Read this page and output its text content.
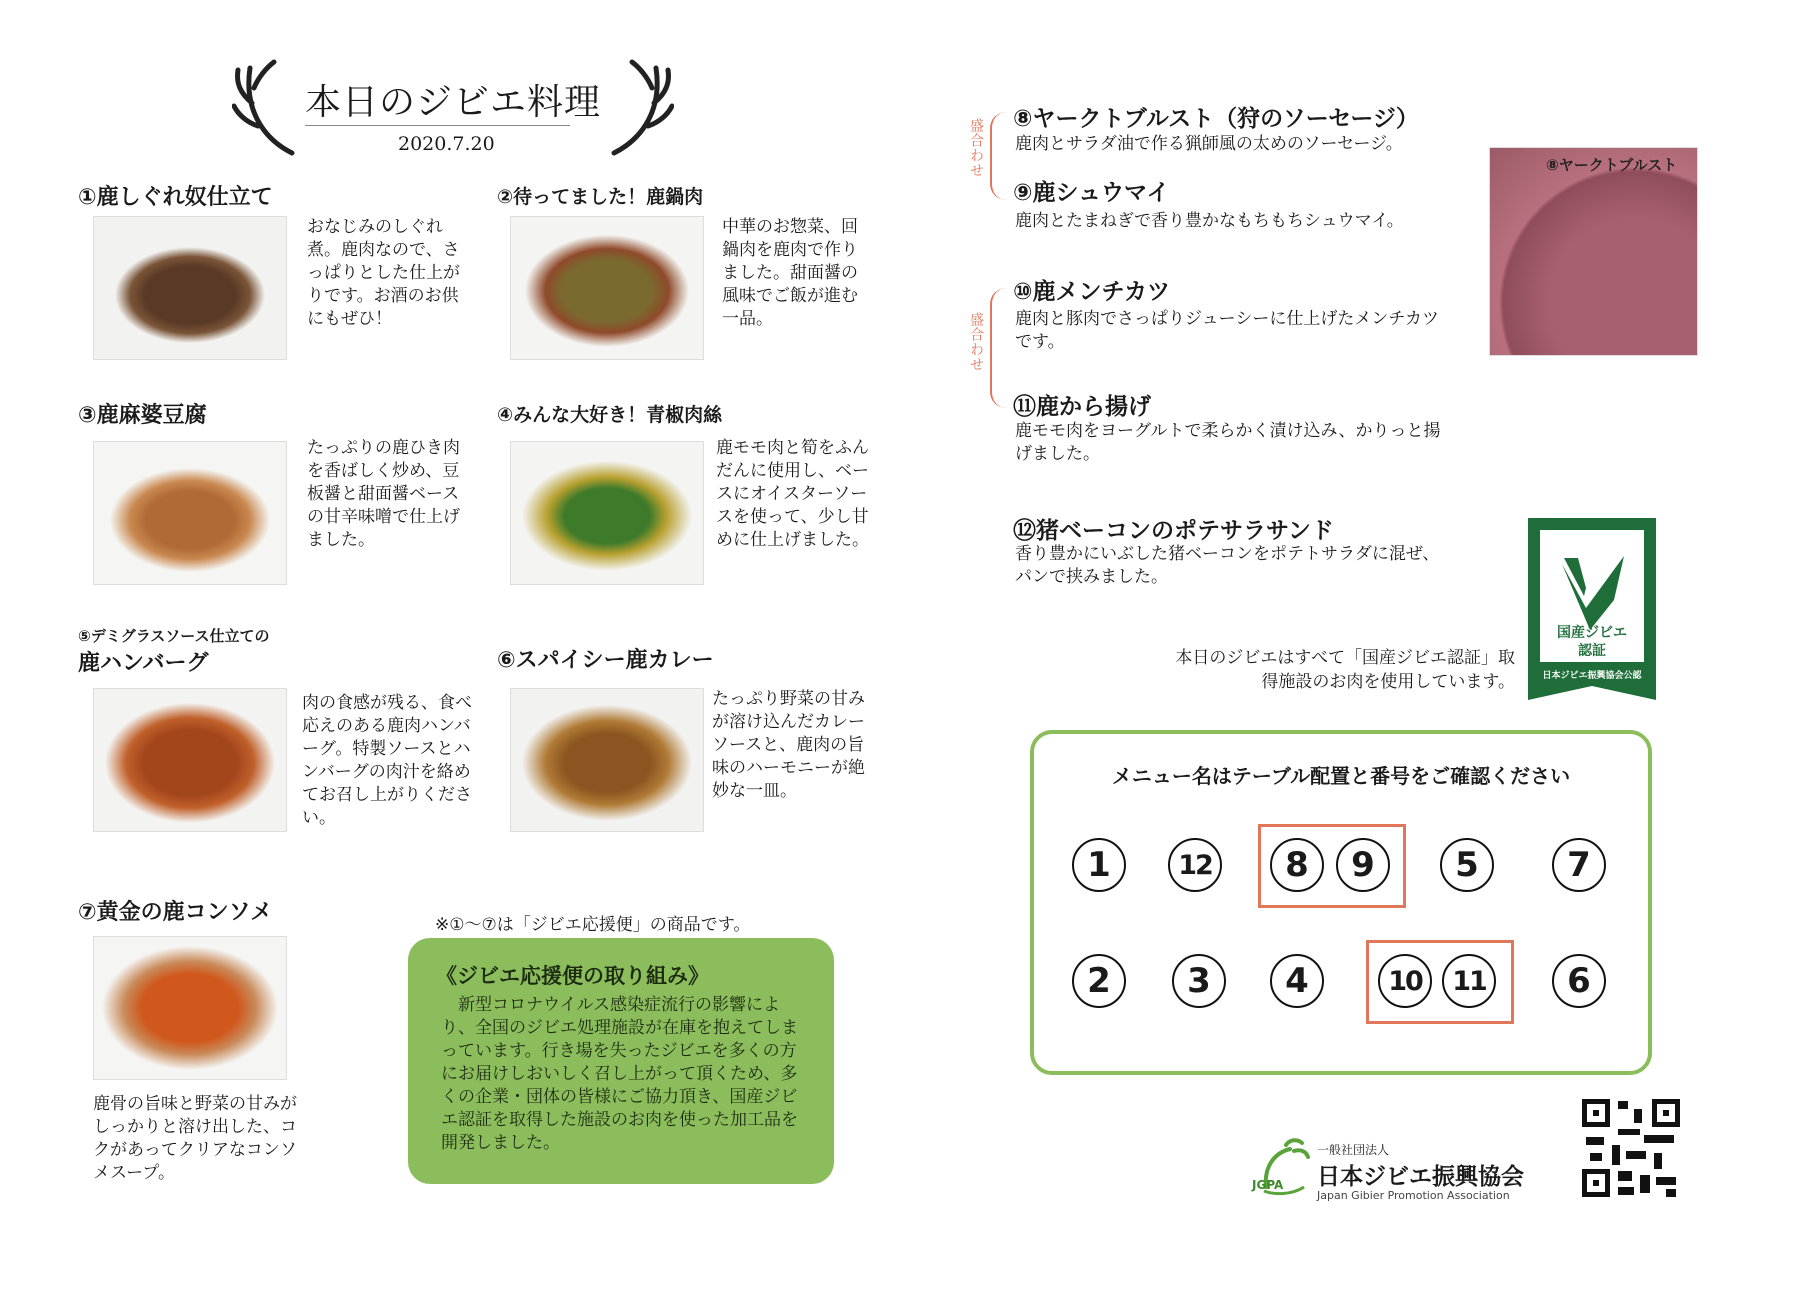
本日のジビエ料理
2020.7.20
①鹿しぐれ奴仕立て
おなじみのしぐれ煮。鹿肉なので、さっぱりとした仕上がりです。お酒のお供にもぜひ！
②待ってました！鹿鍋肉
中華のお惣菜、回鍋肉を鹿肉で作りました。甜面醤の風味でご飯が進む一品。
③鹿麻婆豆腐
たっぷりの鹿ひき肉を香ばしく炒め、豆板醤と甜面醤ベースの甘辛味噌で仕上げました。
④みんな大好き！青椒肉絲
鹿モモ肉と筍をふんだんに使用し、ベースにオイスターソースを使って、少し甘めに仕上げました。
⑤デミグラスソース仕立ての
鹿ハンバーグ
肉の食感が残る、食べ応えのある鹿肉ハンバーグ。特製ソースとハンバーグの肉汁を絡めてお召し上がりください。
⑥スパイシー鹿カレー
たっぷり野菜の甘みが溶け込んだカレーソースと、鹿肉の旨味のハーモニーが絶妙な一皿。
⑦黄金の鹿コンソメ
鹿骨の旨味と野菜の甘みがしっかりと溶け出した、コクがあってクリアなコンソメスープ。
※①～⑦は「ジビエ応援便」の商品です。
《ジビエ応援便の取り組み》
　新型コロナウイルス感染症流行の影響により、全国のジビエ処理施設が在庫を抱えてしまっています。行き場を失ったジビエを多くの方にお届けしおいしく召し上がって頂くため、多くの企業・団体の皆様にご協力頂き、国産ジビエ認証を取得した施設のお肉を使った加工品を開発しました。
盛合わせ
盛合わせ
⑧ヤークトブルスト（狩のソーセージ）
鹿肉とサラダ油で作る猟師風の太めのソーセージ。
⑨鹿シュウマイ
鹿肉とたまねぎで香り豊かなもちもちシュウマイ。
⑩鹿メンチカツ
鹿肉と豚肉でさっぱりジューシーに仕上げたメンチカツです。
⑪鹿から揚げ
鹿モモ肉をヨーグルトで柔らかく漬け込み、かりっと揚げました。
⑫猪ベーコンのポテサラサンド
香り豊かにいぶした猪ベーコンをポテトサラダに混ぜ、パンで挟みました。
⑧ヤークトブルスト
国産ジビエ
認証
日本ジビエ振興協会公認
本日のジビエはすべて「国産ジビエ認証」取得施設のお肉を使用しています。
メニュー名はテーブル配置と番号をご確認ください
1	12	8	9	5	7
2	3	4	10	11	6
JGPA
一般社団法人
日本ジビエ振興協会
Japan Gibier Promotion Association
